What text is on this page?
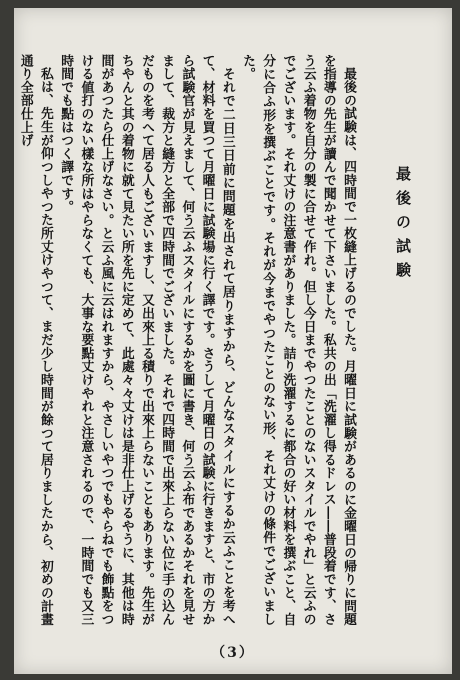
最後の試験

最後の試験は、四時間で一枚縫上げるのでした。月曜日に試験があるのに金曜日の帰りに問題を指導の先生が讀んで聞かせて下さいました。私共の出「洗濯し得るドレス――普段着です、さう云ふ着物を自分の製に合せて作れ。但し今日までやつたことのないスタイルでやれ」と云ふのでございます。それ丈けの注意書がありました。詰り洗濯するに都合の好い材料を撰ぶこと、自分に合ふ形を撰ぶことです。それが今までやつたことのない形、それ丈けの條件でございました。

それで二日三日前に問題を出されて居りますから、どんなスタイルにするか云ふことを考へて、材料を買つて月曜日に試験場に行く譯です。さうして月曜日の試験に行きますと、市の方から試験官が見えまして、何う云ふスタイルにするかを圖に書き、何う云ふ布であるかそれを見せまして、裁方と縫方と全部で四時間でございました。それで四時間で出來上らない位に手の込んだものを考へて居る人もございますし、又出來上る積りで出來上らないこともあります。先生がちやんと其の着物に就て見たい所を先に定めて、此處々々丈けは是非仕上げるやうに、其他は時間があつたら仕上げなさい。と云ふ風に云はれますから、やさしいやつでもやらねでも飾點をつける値打のない樣な所はやらなくても、大事な要點丈けやれと注意されるので、一時間でも又三時間でも點はつく譯です。

私は、先生が仰つしやつた所丈けやつて、まだ少し時間が餘つて居りましたから、初めの計畫通り全部仕上げ

（3）
